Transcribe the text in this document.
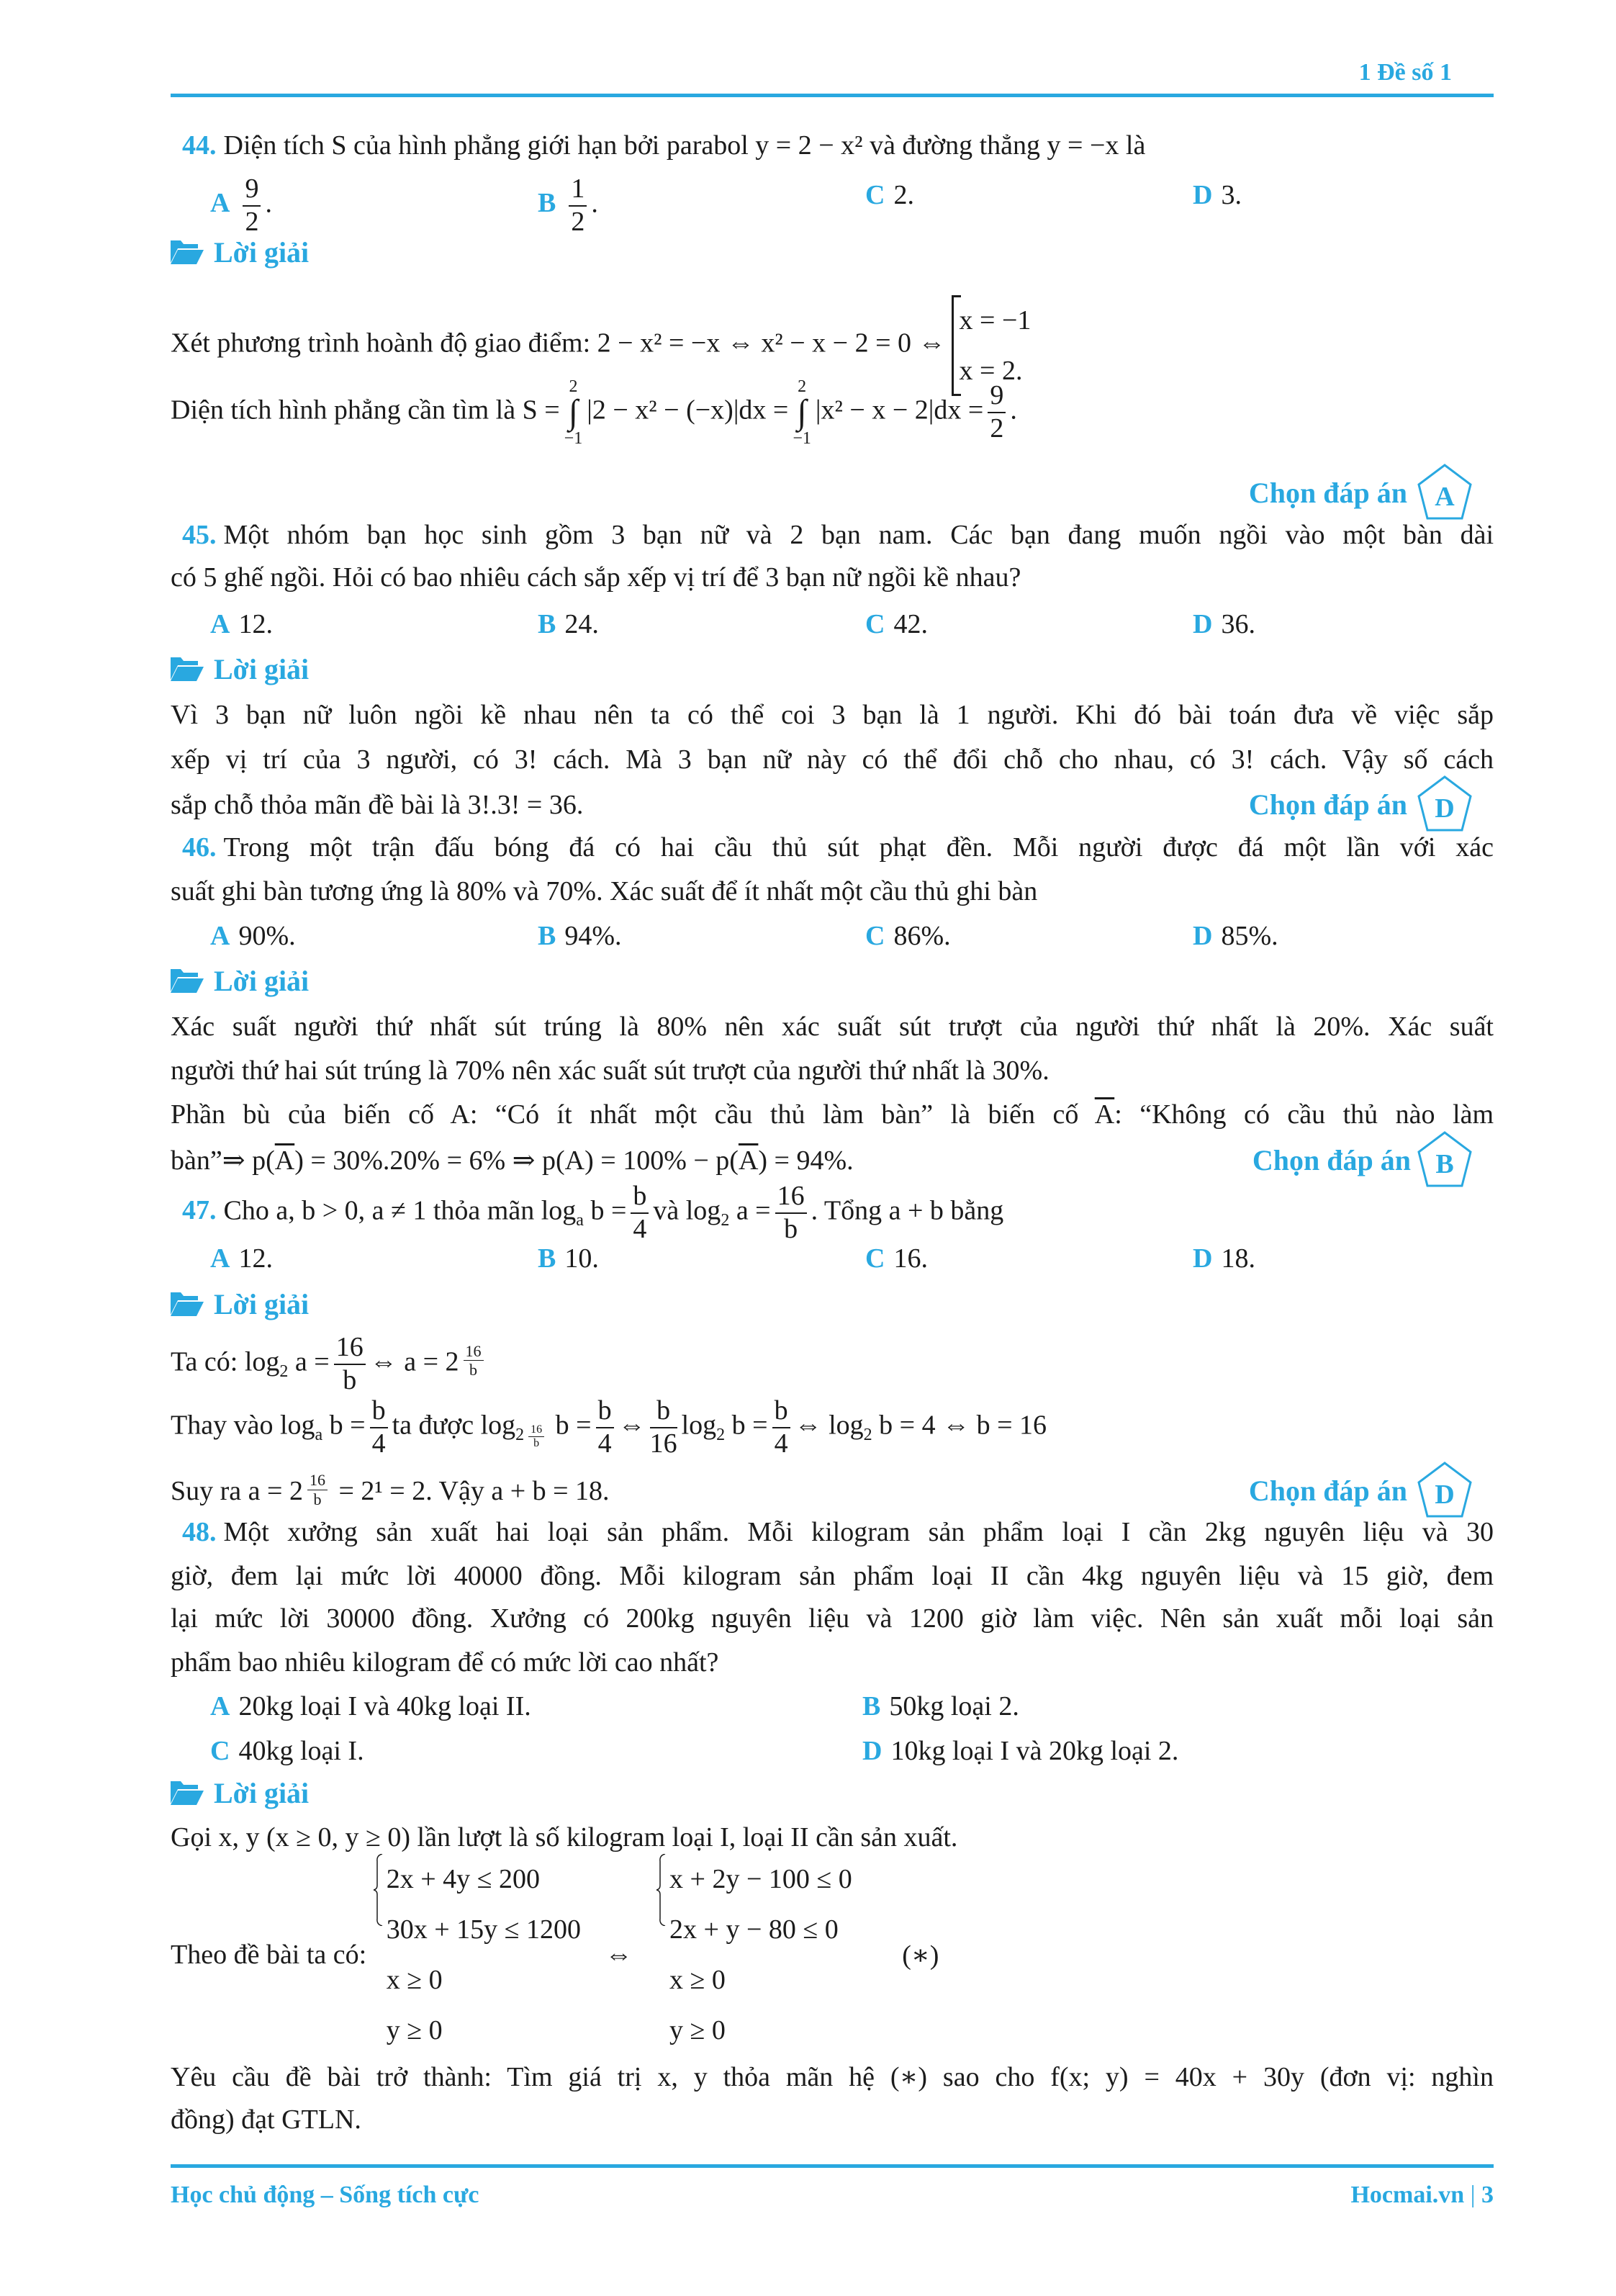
1 Đề số 1
44. Diện tích S của hình phẳng giới hạn bởi parabol y = 2 − x² và đường thẳng y = −x là
A $\frac{9}{2}$ .	B $\frac{1}{2}$ .	C 2.	D 3.
Lời giải
Xét phương trình hoành độ giao điểm: 2 − x² = −x ⇔ x² − x − 2 = 0 ⇔
x = −1
x = 2.
Diện tích hình phẳng cần tìm là S =
2
∫
−1
|2 − x² − (−x)|dx =
2
∫
−1
$|x^2 - x - 2|dx = \frac{9}{2}$ .
Chọn đáp án	A
45. Một nhóm bạn học sinh gồm 3 bạn nữ và 2 bạn nam. Các bạn đang muốn ngồi vào một bàn dài
có 5 ghế ngồi. Hỏi có bao nhiêu cách sắp xếp vị trí để 3 bạn nữ ngồi kề nhau?
A 12.	B 24.	C 42.	D 36.
Lời giải
Vì 3 bạn nữ luôn ngồi kề nhau nên ta có thể coi 3 bạn là 1 người. Khi đó bài toán đưa về việc sắp
xếp vị trí của 3 người, có 3! cách. Mà 3 bạn nữ này có thể đổi chỗ cho nhau, có 3! cách. Vậy số cách
sắp chỗ thỏa mãn đề bài là 3!.3! = 36.	Chọn đáp án	D
46. Trong một trận đấu bóng đá có hai cầu thủ sút phạt đền. Mỗi người được đá một lần với xác
suất ghi bàn tương ứng là 80% và 70%. Xác suất để ít nhất một cầu thủ ghi bàn
A 90%.	B 94%.	C 86%.	D 85%.
Lời giải
Xác suất người thứ nhất sút trúng là 80% nên xác suất sút trượt của người thứ nhất là 20%. Xác suất
người thứ hai sút trúng là 70% nên xác suất sút trượt của người thứ nhất là 30%.
Phần bù của biến cố A: “Có ít nhất một cầu thủ làm bàn” là biến cố $\overline{A}$: “Không có cầu thủ nào làm
bàn”⇒ $p(\overline{A}) = 30\%.20\% = 6\%$ ⇒ $p(A) = 100\% - p(\overline{A}) = 94\%$.	Chọn đáp án B
47. Cho a, b > 0, a ≠ 1 thỏa mãn $\log_a b = \frac{b}{4}$ và $\log_2 a = \frac{16}{b}$ . Tổng a + b bằng
A 12.	B 10.	C 16.	D 18.
Lời giải
Ta có: $\log_2 a = \frac{16}{b}$ ⇔ a = 2 $^{\frac{16}{b}}$
Thay vào $\log_a b = \frac{b}{4}$ ta được $\log_{2 \frac{16}{b}} b = \frac{b}{4}$ ⇔ $\frac{b}{16} \log_2 b = \frac{b}{4}$ ⇔ $\log_2 b = 4$ ⇔ b = 16
Suy ra a = 2 $^{\frac{16}{b}}$ = 2¹ = 2. Vậy a + b = 18.	Chọn đáp án	D
48. Một xưởng sản xuất hai loại sản phẩm. Mỗi kilogram sản phẩm loại I cần 2kg nguyên liệu và 30
giờ, đem lại mức lời 40000 đồng. Mỗi kilogram sản phẩm loại II cần 4kg nguyên liệu và 15 giờ, đem
lại mức lời 30000 đồng. Xưởng có 200kg nguyên liệu và 1200 giờ làm việc. Nên sản xuất mỗi loại sản
phẩm bao nhiêu kilogram để có mức lời cao nhất?
A 20kg loại I và 40kg loại II.	B 50kg loại 2.
C 40kg loại I.	D 10kg loại I và 20kg loại 2.
Lời giải
Gọi x, y (x ≥ 0, y ≥ 0) lần lượt là số kilogram loại I, loại II cần sản xuất.
Theo đề bài ta có:
2x + 4y ≤ 200
30x + 15y ≤ 1200
x ≥ 0
y ≥ 0
⇔
x + 2y − 100 ≤ 0
2x + y − 80 ≤ 0
x ≥ 0
y ≥ 0
(∗)
Yêu cầu đề bài trở thành: Tìm giá trị x, y thỏa mãn hệ (∗) sao cho f(x; y) = 40x + 30y (đơn vị: nghìn
đồng) đạt GTLN.
Học chủ động – Sống tích cực	Hocmai.vn | 3
